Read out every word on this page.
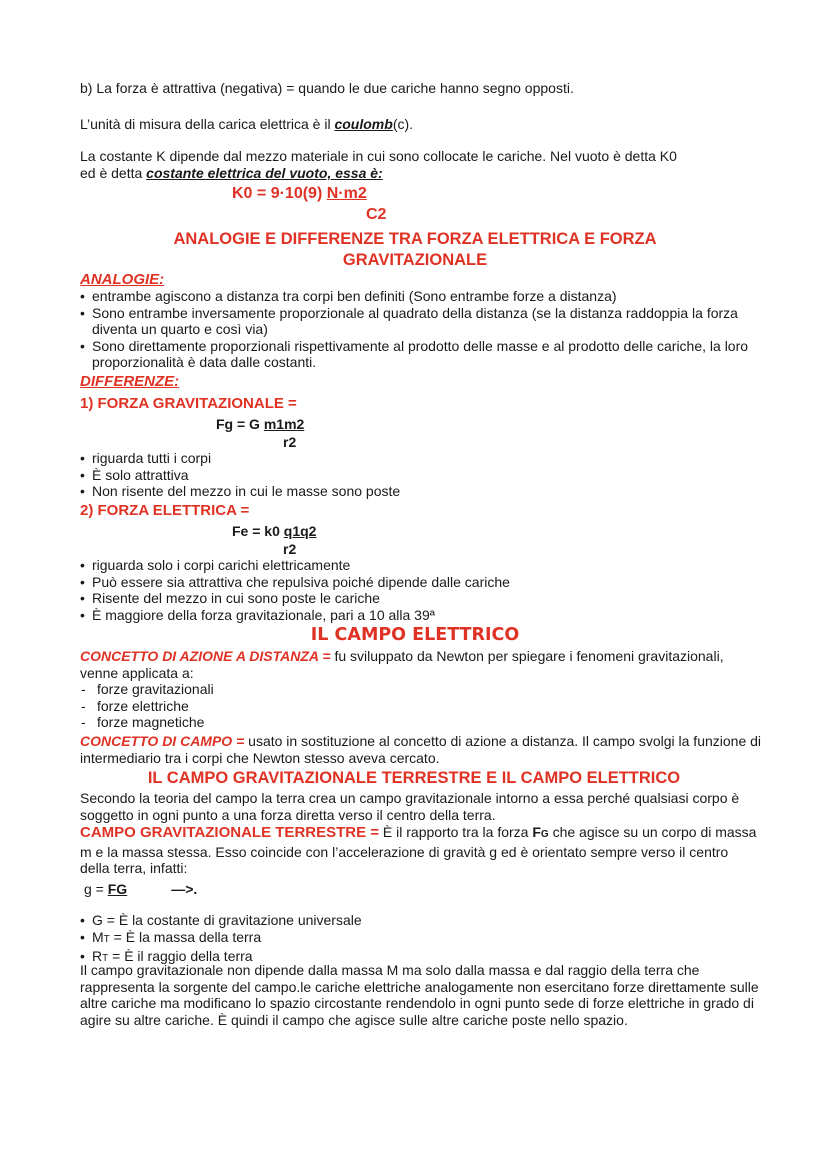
b) La forza è attrattiva (negativa) = quando le due cariche hanno segno opposti.
L’unità di misura della carica elettrica è il coulomb(c).
La costante K dipende dal mezzo materiale in cui sono collocate le cariche. Nel vuoto è detta K0
ed è detta costante elettrica del vuoto, essa è:
K0 = 9·10(9) N·m2
C2
ANALOGIE E DIFFERENZE TRA FORZA ELETTRICA E FORZA GRAVITAZIONALE
ANALOGIE:
• entrambe agiscono a distanza tra corpi ben definiti (Sono entrambe forze a distanza)
• Sono entrambe inversamente proporzionale al quadrato della distanza (se la distanza raddoppia la forza diventa un quarto e così via)
• Sono direttamente proporzionali rispettivamente al prodotto delle masse e al prodotto delle cariche, la loro proporzionalità è data dalle costanti.
DIFFERENZE:
1) FORZA GRAVITAZIONALE =
Fg = G m1m2
r2
• riguarda tutti i corpi
• È solo attrattiva
• Non risente del mezzo in cui le masse sono poste
2) FORZA ELETTRICA =
Fe = k0 q1q2
r2
• riguarda solo i corpi carichi elettricamente
• Può essere sia attrattiva che repulsiva poiché dipende dalle cariche
• Risente del mezzo in cui sono poste le cariche
• È maggiore della forza gravitazionale, pari a 10 alla 39ª
IL CAMPO ELETTRICO
CONCETTO DI AZIONE A DISTANZA = fu sviluppato da Newton per spiegare i fenomeni gravitazionali, venne applicata a:
- forze gravitazionali
- forze elettriche
- forze magnetiche
CONCETTO DI CAMPO = usato in sostituzione al concetto di azione a distanza. Il campo svolgi la funzione di intermediario tra i corpi che Newton stesso aveva cercato.
IL CAMPO GRAVITAZIONALE TERRESTRE E IL CAMPO ELETTRICO
Secondo la teoria del campo la terra crea un campo gravitazionale intorno a essa perché qualsiasi corpo è soggetto in ogni punto a una forza diretta verso il centro della terra.
CAMPO GRAVITAZIONALE TERRESTRE = È il rapporto tra la forza FG che agisce su un corpo di massa m e la massa stessa. Esso coincide con l’accelerazione di gravità g ed è orientato sempre verso il centro della terra, infatti:
g = FG	—>.
• G = È la costante di gravitazione universale
• MT = È la massa della terra
• RT = È il raggio della terra
Il campo gravitazionale non dipende dalla massa M ma solo dalla massa e dal raggio della terra che rappresenta la sorgente del campo.le cariche elettriche analogamente non esercitano forze direttamente sulle altre cariche ma modificano lo spazio circostante rendendolo in ogni punto sede di forze elettriche in grado di agire su altre cariche. È quindi il campo che agisce sulle altre cariche poste nello spazio.
